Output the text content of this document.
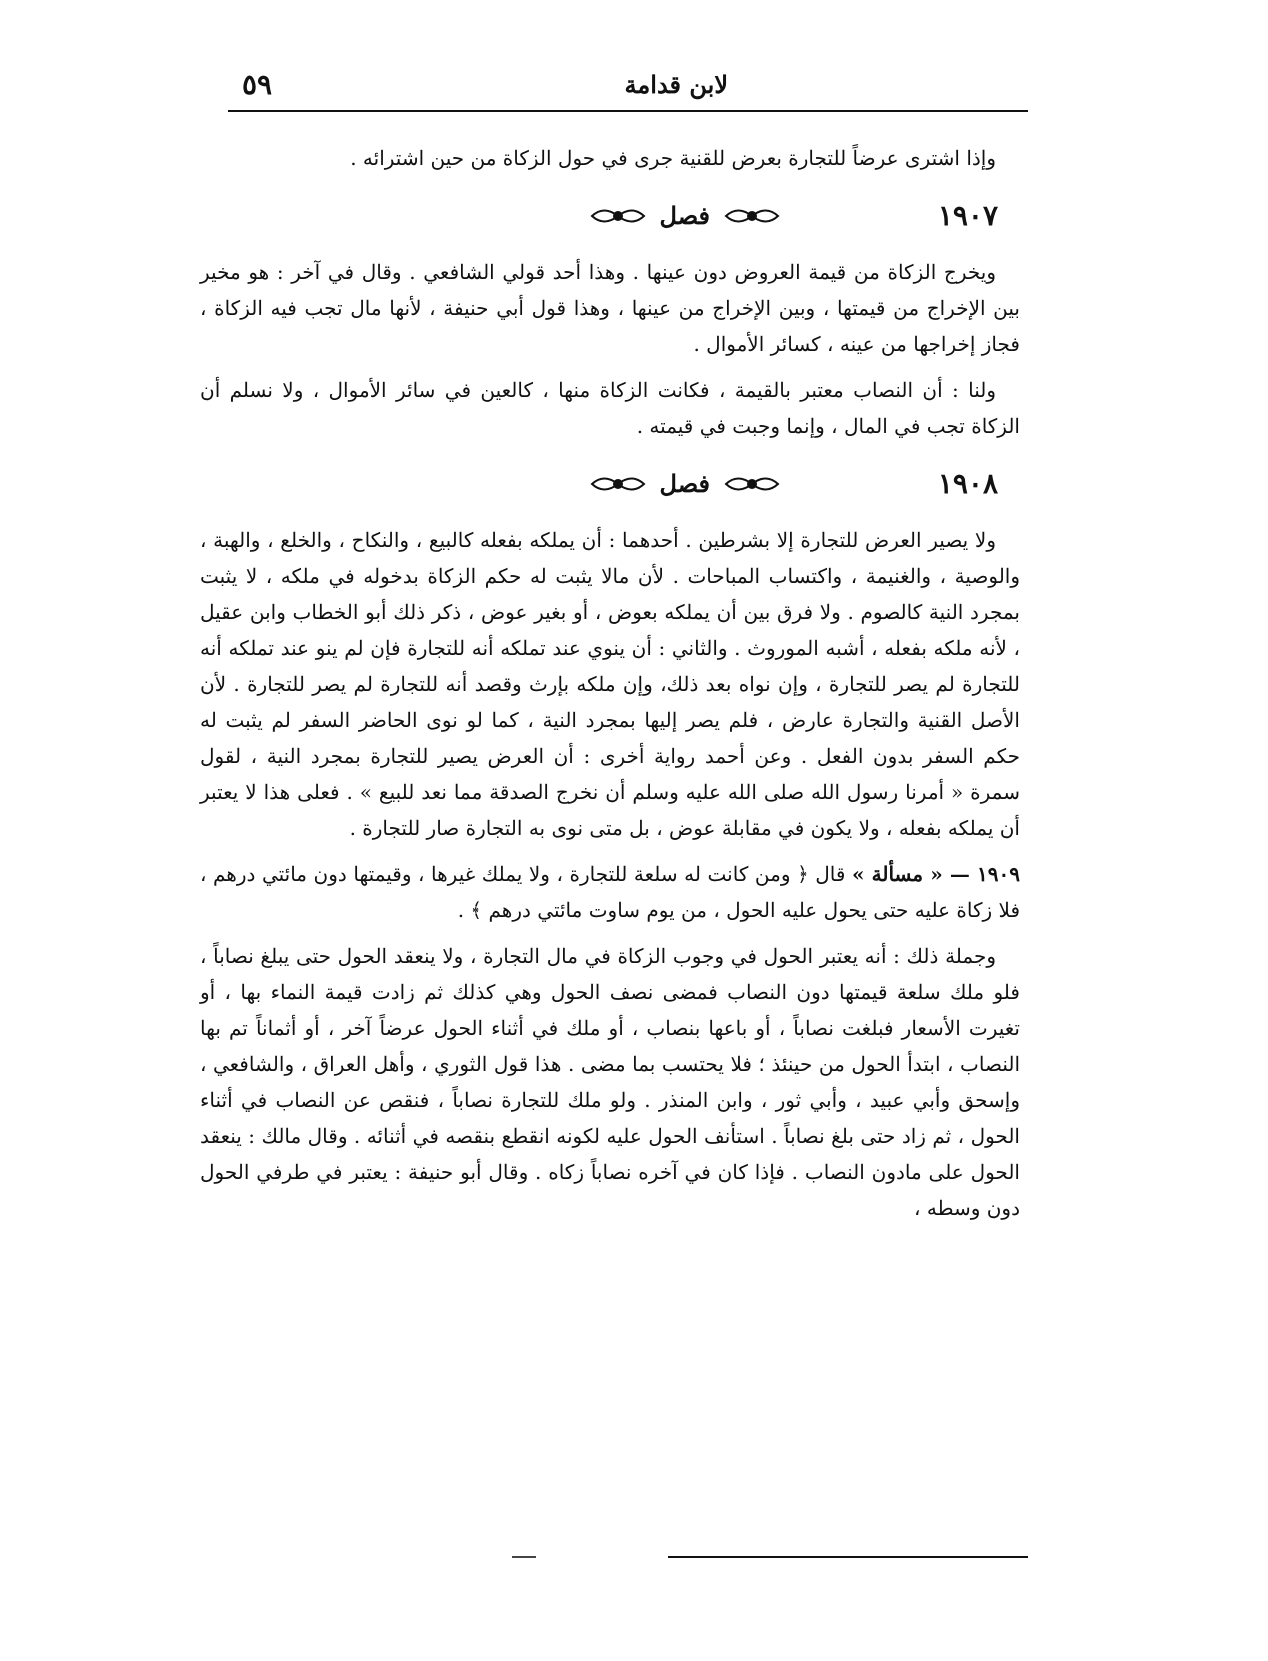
لابن قدامة
٥٩

وإذا اشترى عرضاً للتجارة بعرض للقنية جرى في حول الزكاة من حين اشترائه .

١٩٠٧
فصل

ويخرج الزكاة من قيمة العروض دون عينها . وهذا أحد قولي الشافعي . وقال في آخر : هو مخير بين الإخراج من قيمتها ، وبين الإخراج من عينها ، وهذا قول أبي حنيفة ، لأنها مال تجب فيه الزكاة ، فجاز إخراجها من عينه ، كسائر الأموال .

ولنا : أن النصاب معتبر بالقيمة ، فكانت الزكاة منها ، كالعين في سائر الأموال ، ولا نسلم أن الزكاة تجب في المال ، وإنما وجبت في قيمته .

١٩٠٨
فصل

ولا يصير العرض للتجارة إلا بشرطين . أحدهما : أن يملكه بفعله كالبيع ، والنكاح ، والخلع ، والهبة ، والوصية ، والغنيمة ، واكتساب المباحات . لأن مالا يثبت له حكم الزكاة بدخوله في ملكه ، لا يثبت بمجرد النية كالصوم . ولا فرق بين أن يملكه بعوض ، أو بغير عوض ، ذكر ذلك أبو الخطاب وابن عقيل ، لأنه ملكه بفعله ، أشبه الموروث . والثاني : أن ينوي عند تملكه أنه للتجارة فإن لم ينو عند تملكه أنه للتجارة لم يصر للتجارة ، وإن نواه بعد ذلك، وإن ملكه بإرث وقصد أنه للتجارة لم يصر للتجارة . لأن الأصل القنية والتجارة عارض ، فلم يصر إليها بمجرد النية ، كما لو نوى الحاضر السفر لم يثبت له حكم السفر بدون الفعل . وعن أحمد رواية أخرى : أن العرض يصير للتجارة بمجرد النية ، لقول سمرة « أمرنا رسول الله صلى الله عليه وسلم أن نخرج الصدقة مما نعد للبيع » . فعلى هذا لا يعتبر أن يملكه بفعله ، ولا يكون في مقابلة عوض ، بل متى نوى به التجارة صار للتجارة .

١٩٠٩ — « مسألة » قال ﴿ ومن كانت له سلعة للتجارة ، ولا يملك غيرها ، وقيمتها دون مائتي درهم ، فلا زكاة عليه حتى يحول عليه الحول ، من يوم ساوت مائتي درهم ﴾ .

وجملة ذلك : أنه يعتبر الحول في وجوب الزكاة في مال التجارة ، ولا ينعقد الحول حتى يبلغ نصاباً ، فلو ملك سلعة قيمتها دون النصاب فمضى نصف الحول وهي كذلك ثم زادت قيمة النماء بها ، أو تغيرت الأسعار فبلغت نصاباً ، أو باعها بنصاب ، أو ملك في أثناء الحول عرضاً آخر ، أو أثماناً تم بها النصاب ، ابتدأ الحول من حينئذ ؛ فلا يحتسب بما مضى . هذا قول الثوري ، وأهل العراق ، والشافعي ، وإسحق وأبي عبيد ، وأبي ثور ، وابن المنذر . ولو ملك للتجارة نصاباً ، فنقص عن النصاب في أثناء الحول ، ثم زاد حتى بلغ نصاباً . استأنف الحول عليه لكونه انقطع بنقصه في أثنائه . وقال مالك : ينعقد الحول على مادون النصاب . فإذا كان في آخره نصاباً زكاه . وقال أبو حنيفة : يعتبر في طرفي الحول دون وسطه ،
